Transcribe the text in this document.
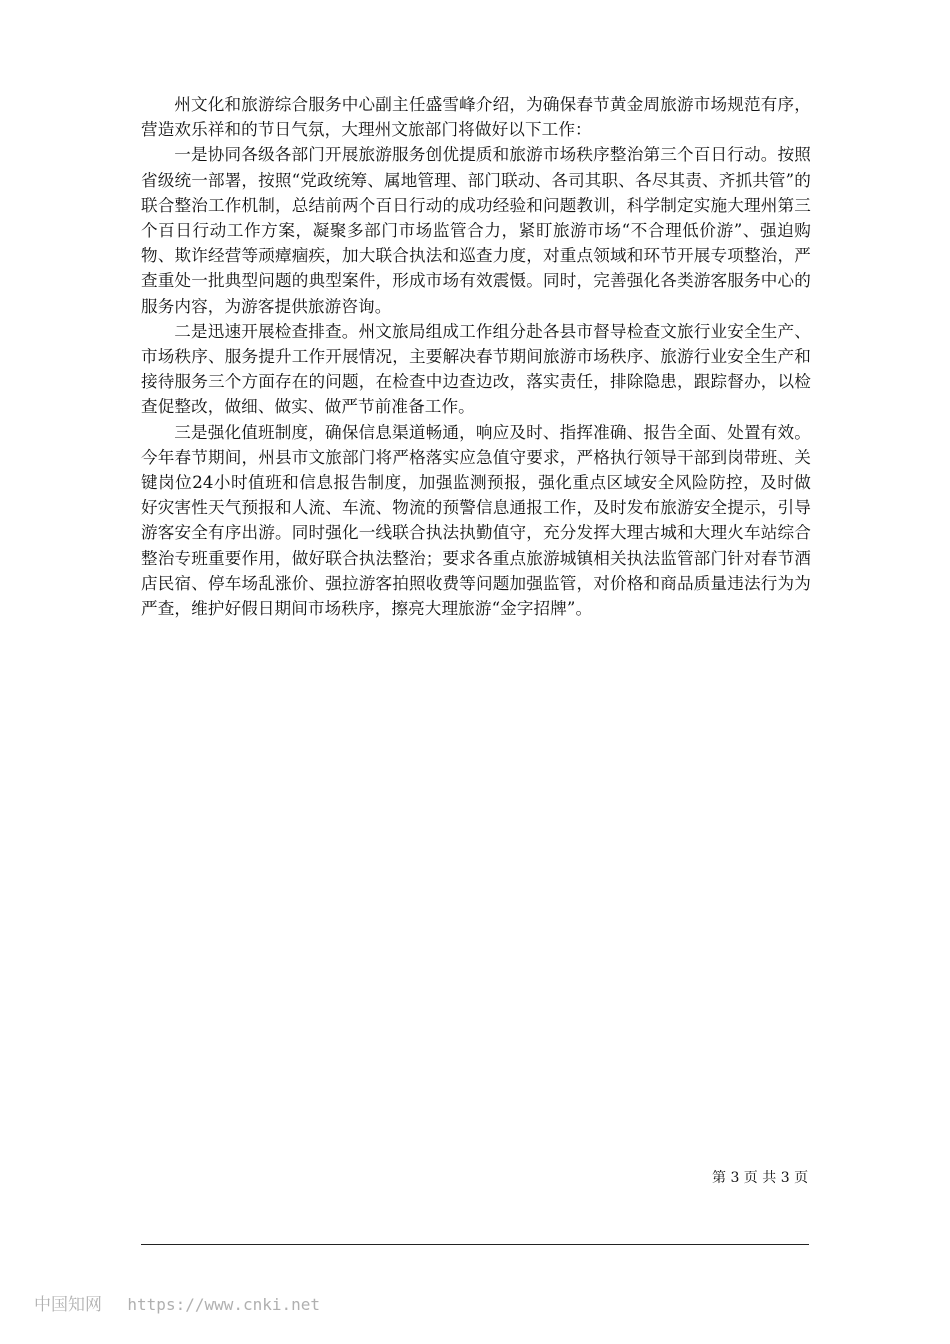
州文化和旅游综合服务中心副主任盛雪峰介绍，为确保春节黄金周旅游市场规范有序，营造欢乐祥和的节日气氛，大理州文旅部门将做好以下工作：

一是协同各级各部门开展旅游服务创优提质和旅游市场秩序整治第三个百日行动。按照省级统一部署，按照“党政统筹、属地管理、部门联动、各司其职、各尽其责、齐抓共管”的联合整治工作机制，总结前两个百日行动的成功经验和问题教训，科学制定实施大理州第三个百日行动工作方案，凝聚多部门市场监管合力，紧盯旅游市场“不合理低价游”、强迫购物、欺诈经营等顽瘴痼疾，加大联合执法和巡查力度，对重点领域和环节开展专项整治，严查重处一批典型问题的典型案件，形成市场有效震慑。同时，完善强化各类游客服务中心的服务内容，为游客提供旅游咨询。

二是迅速开展检查排查。州文旅局组成工作组分赴各县市督导检查文旅行业安全生产、市场秩序、服务提升工作开展情况，主要解决春节期间旅游市场秩序、旅游行业安全生产和接待服务三个方面存在的问题，在检查中边查边改，落实责任，排除隐患，跟踪督办，以检查促整改，做细、做实、做严节前准备工作。

三是强化值班制度，确保信息渠道畅通，响应及时、指挥准确、报告全面、处置有效。今年春节期间，州县市文旅部门将严格落实应急值守要求，严格执行领导干部到岗带班、关键岗位24小时值班和信息报告制度，加强监测预报，强化重点区域安全风险防控，及时做好灾害性天气预报和人流、车流、物流的预警信息通报工作，及时发布旅游安全提示，引导游客安全有序出游。同时强化一线联合执法执勤值守，充分发挥大理古城和大理火车站综合整治专班重要作用，做好联合执法整治；要求各重点旅游城镇相关执法监管部门针对春节酒店民宿、停车场乱涨价、强拉游客拍照收费等问题加强监管，对价格和商品质量违法行为为严查，维护好假日期间市场秩序，擦亮大理旅游“金字招牌”。

第 3 页 共 3 页
中国知网 https://www.cnki.net
